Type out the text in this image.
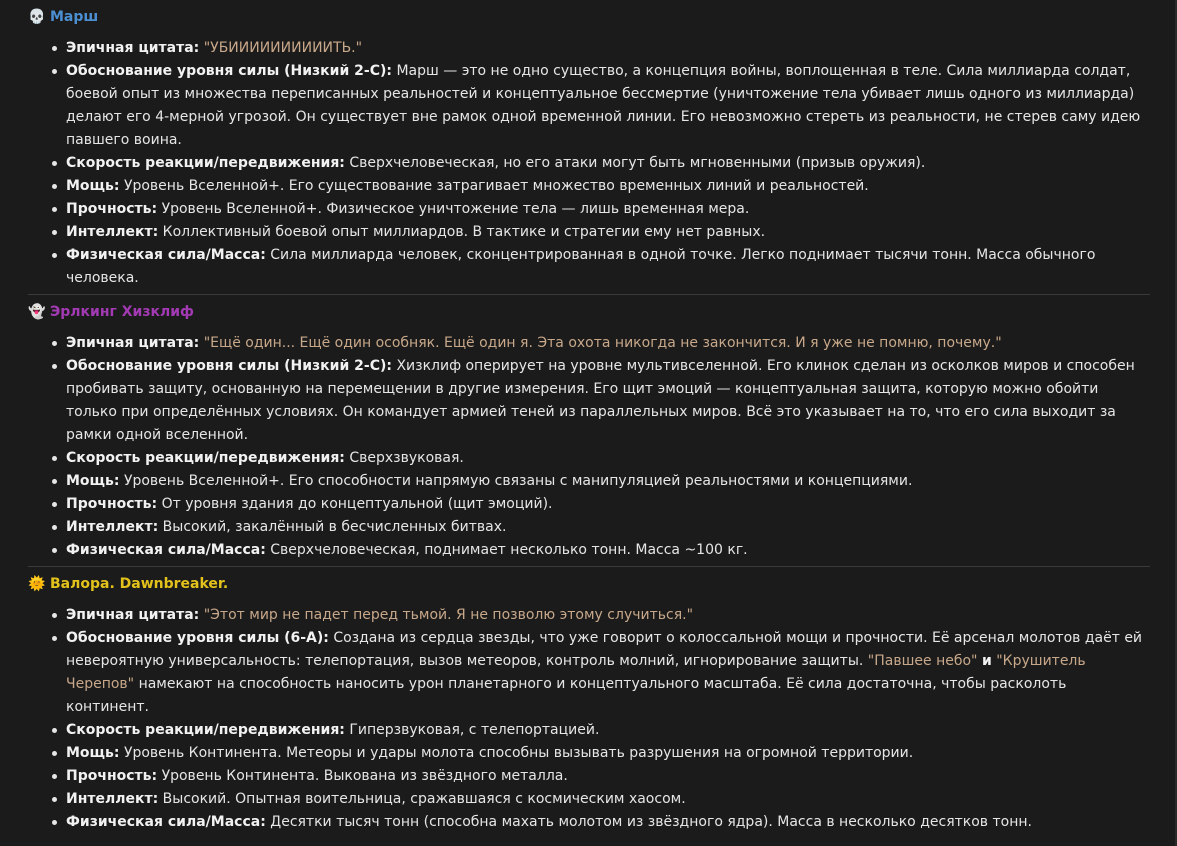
💀 Марш
Эпичная цитата: "УБИИИИИИИИИИТЬ."
Обоснование уровня силы (Низкий 2-С): Марш — это не одно существо, а концепция войны, воплощенная в теле. Сила миллиарда солдат, боевой опыт из множества переписанных реальностей и концептуальное бессмертие (уничтожение тела убивает лишь одного из миллиарда) делают его 4-мерной угрозой. Он существует вне рамок одной временной линии. Его невозможно стереть из реальности, не стерев саму идею павшего воина.
Скорость реакции/передвижения: Сверхчеловеческая, но его атаки могут быть мгновенными (призыв оружия).
Мощь: Уровень Вселенной+. Его существование затрагивает множество временных линий и реальностей.
Прочность: Уровень Вселенной+. Физическое уничтожение тела — лишь временная мера.
Интеллект: Коллективный боевой опыт миллиардов. В тактике и стратегии ему нет равных.
Физическая сила/Масса: Сила миллиарда человек, сконцентрированная в одной точке. Легко поднимает тысячи тонн. Масса обычного человека.
👻 Эрлкинг Хизклиф
Эпичная цитата: "Ещё один... Ещё один особняк. Ещё один я. Эта охота никогда не закончится. И я уже не помню, почему."
Обоснование уровня силы (Низкий 2-С): Хизклиф оперирует на уровне мультивселенной. Его клинок сделан из осколков миров и способен пробивать защиту, основанную на перемещении в другие измерения. Его щит эмоций — концептуальная защита, которую можно обойти только при определённых условиях. Он командует армией теней из параллельных миров. Всё это указывает на то, что его сила выходит за рамки одной вселенной.
Скорость реакции/передвижения: Сверхзвуковая.
Мощь: Уровень Вселенной+. Его способности напрямую связаны с манипуляцией реальностями и концепциями.
Прочность: От уровня здания до концептуальной (щит эмоций).
Интеллект: Высокий, закалённый в бесчисленных битвах.
Физическая сила/Масса: Сверхчеловеческая, поднимает несколько тонн. Масса ~100 кг.
🌞 Валора. Dawnbreaker.
Эпичная цитата: "Этот мир не падет перед тьмой. Я не позволю этому случиться."
Обоснование уровня силы (6-А): Создана из сердца звезды, что уже говорит о колоссальной мощи и прочности. Её арсенал молотов даёт ей невероятную универсальность: телепортация, вызов метеоров, контроль молний, игнорирование защиты. "Павшее небо" и "Крушитель Черепов" намекают на способность наносить урон планетарного и концептуального масштаба. Её сила достаточна, чтобы расколоть континент.
Скорость реакции/передвижения: Гиперзвуковая, с телепортацией.
Мощь: Уровень Континента. Метеоры и удары молота способны вызывать разрушения на огромной территории.
Прочность: Уровень Континента. Выкована из звёздного металла.
Интеллект: Высокий. Опытная воительница, сражавшаяся с космическим хаосом.
Физическая сила/Масса: Десятки тысяч тонн (способна махать молотом из звёздного ядра). Масса в несколько десятков тонн.
